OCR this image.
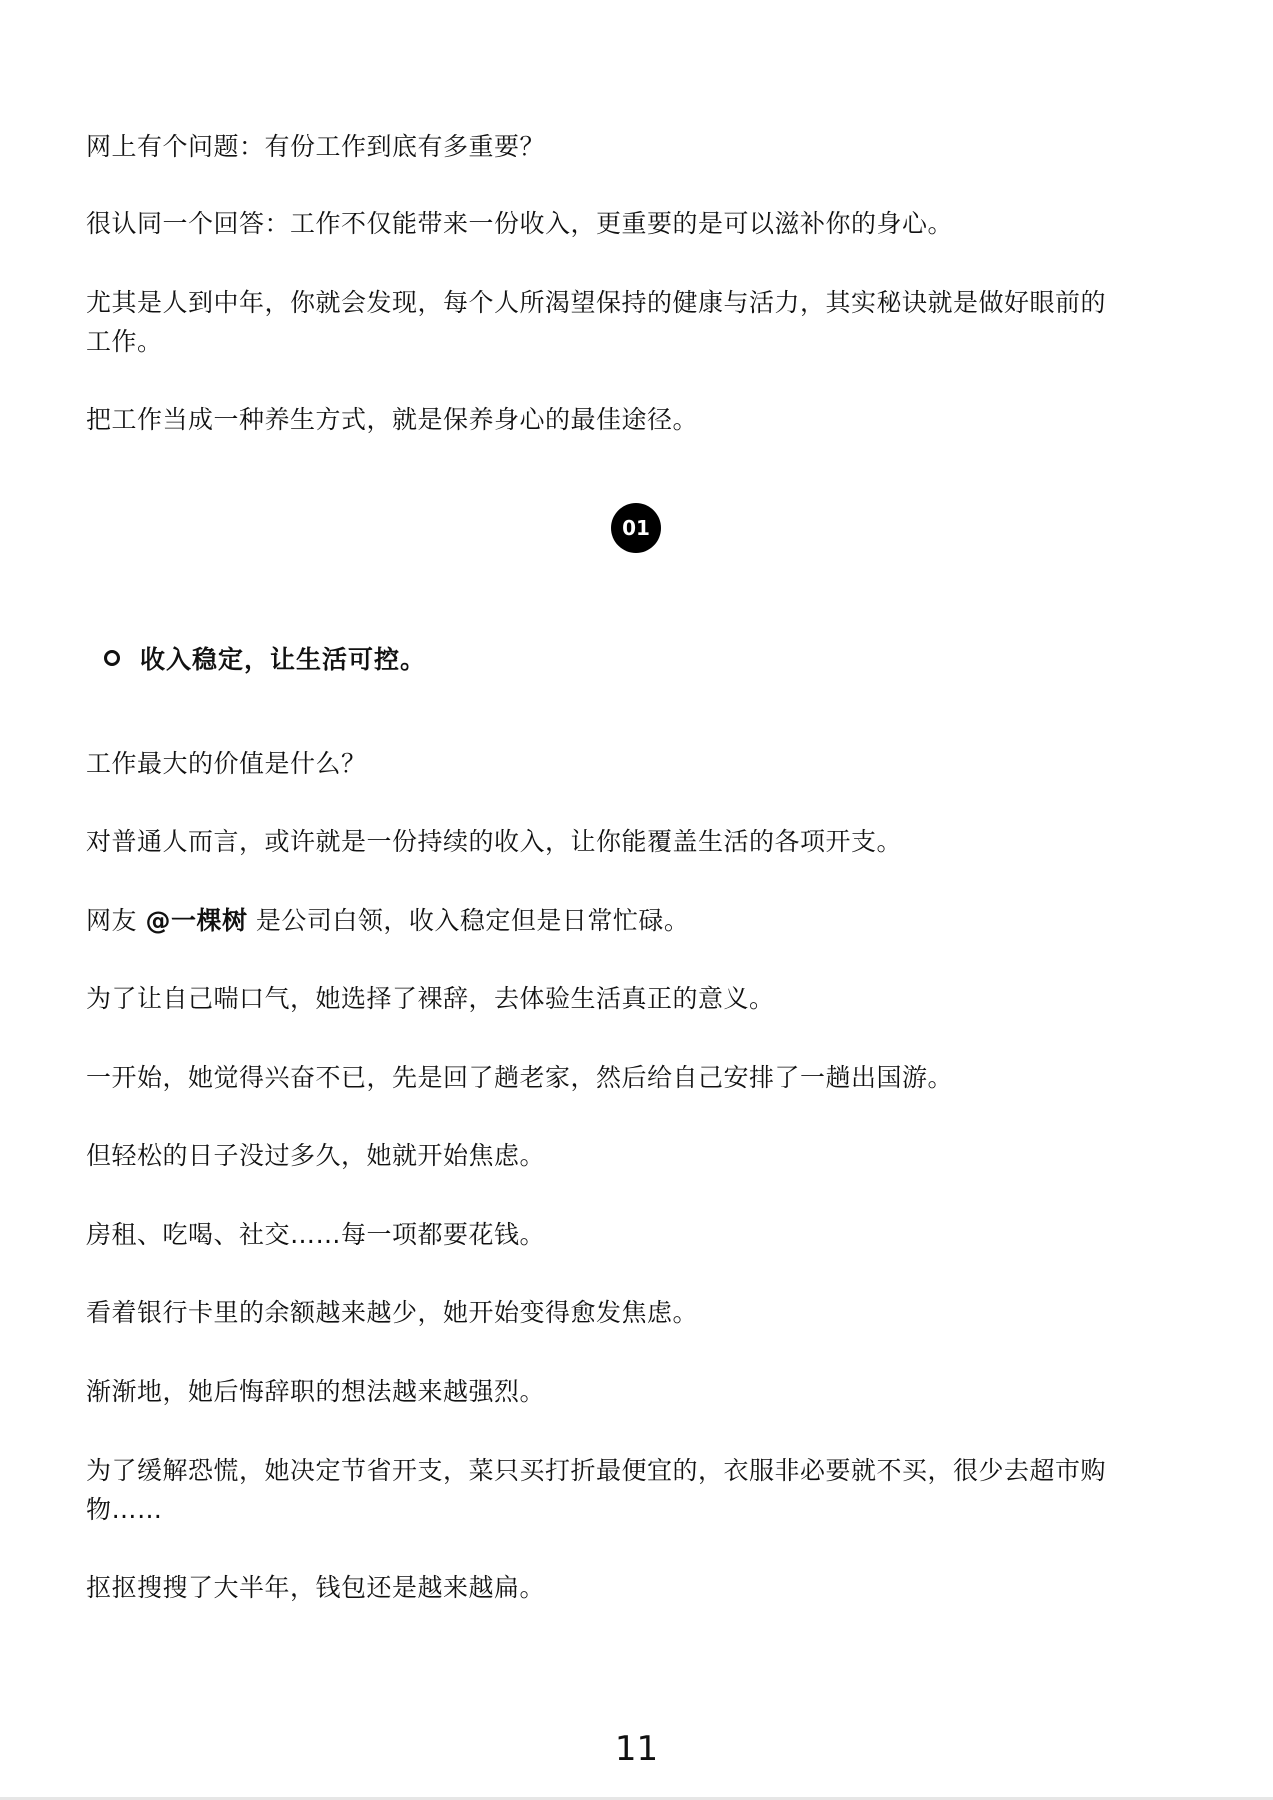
网上有个问题：有份工作到底有多重要？

很认同一个回答：工作不仅能带来一份收入，更重要的是可以滋补你的身心。

尤其是人到中年，你就会发现，每个人所渴望保持的健康与活力，其实秘诀就是做好眼前的
工作。

把工作当成一种养生方式，就是保养身心的最佳途径。

01
收入稳定，让生活可控。

工作最大的价值是什么？

对普通人而言，或许就是一份持续的收入，让你能覆盖生活的各项开支。

网友 @一棵树 是公司白领，收入稳定但是日常忙碌。

为了让自己喘口气，她选择了裸辞，去体验生活真正的意义。

一开始，她觉得兴奋不已，先是回了趟老家，然后给自己安排了一趟出国游。

但轻松的日子没过多久，她就开始焦虑。

房租、吃喝、社交……每一项都要花钱。

看着银行卡里的余额越来越少，她开始变得愈发焦虑。

渐渐地，她后悔辞职的想法越来越强烈。

为了缓解恐慌，她决定节省开支，菜只买打折最便宜的，衣服非必要就不买，很少去超市购
物……

抠抠搜搜了大半年，钱包还是越来越扁。

11
